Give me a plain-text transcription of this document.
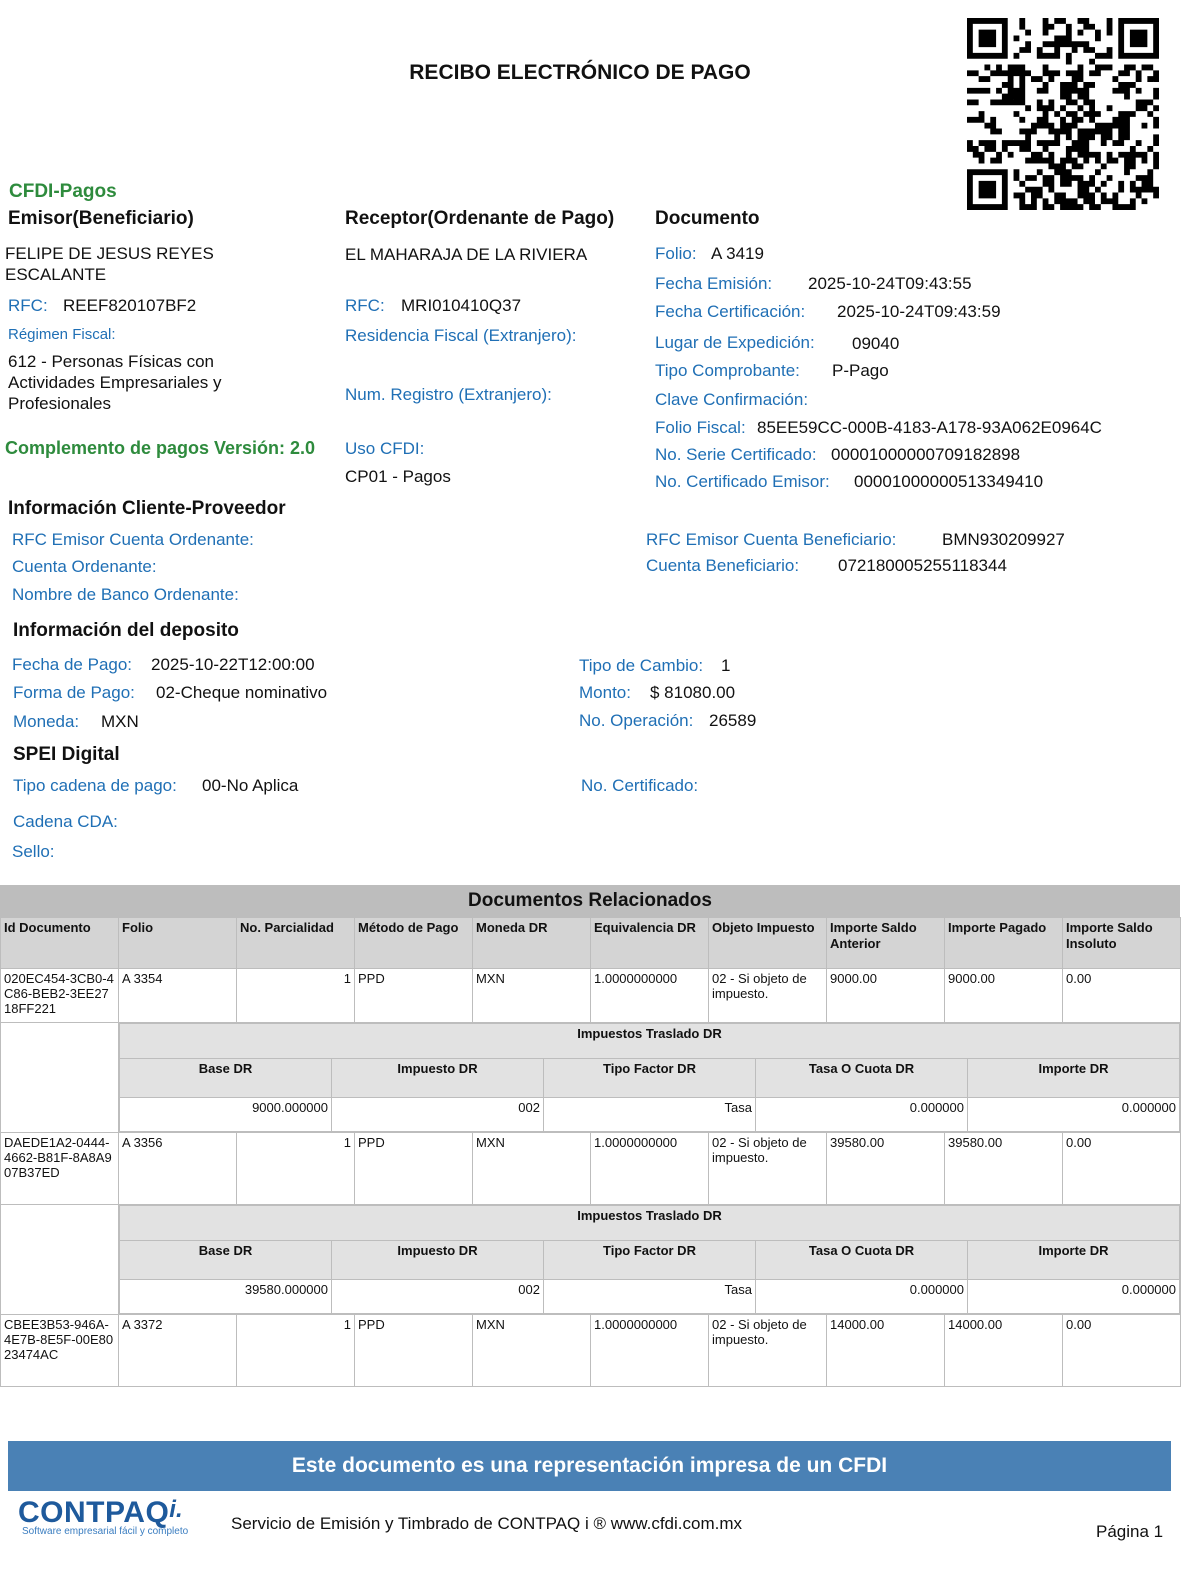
RECIBO ELECTRÓNICO DE PAGO
CFDI-Pagos
Emisor(Beneficiario)
FELIPE DE JESUS REYES
ESCALANTE
RFC: REEF820107BF2
Régimen Fiscal:
612 - Personas Físicas con
Actividades Empresariales y
Profesionales
Receptor(Ordenante de Pago)
EL MAHARAJA DE LA RIVIERA
RFC: MRI010410Q37
Residencia Fiscal (Extranjero):
Num. Registro (Extranjero):
Uso CFDI:
CP01 - Pagos
Complemento de pagos Versión: 2.0
Documento
Folio: A 3419
Fecha Emisión: 2025-10-24T09:43:55
Fecha Certificación: 2025-10-24T09:43:59
Lugar de Expedición: 09040
Tipo Comprobante: P-Pago
Clave Confirmación:
Folio Fiscal: 85EE59CC-000B-4183-A178-93A062E0964C
No. Serie Certificado: 00001000000709182898
No. Certificado Emisor: 00001000000513349410
Información Cliente-Proveedor
RFC Emisor Cuenta Ordenante:
Cuenta Ordenante:
Nombre de Banco Ordenante:
RFC Emisor Cuenta Beneficiario:	BMN930209927
Cuenta Beneficiario: 072180005255118344
Información del deposito
Fecha de Pago: 2025-10-22T12:00:00
Forma de Pago: 02-Cheque nominativo
Moneda: MXN
Tipo de Cambio: 1
Monto: $ 81080.00
No. Operación: 26589
SPEI Digital
Tipo cadena de pago: 00-No Aplica	No. Certificado:
Cadena CDA:
Sello:
Documentos Relacionados
Id Documento	Folio	No. Parcialidad	Método de Pago	Moneda DR	Equivalencia DR	Objeto Impuesto	Importe Saldo Anterior	Importe Pagado	Importe Saldo Insoluto
020EC454-3CB0-4C86-BEB2-3EE2718FF221	A 3354	1	PPD	MXN	1.0000000000	02 - Si objeto de impuesto.	9000.00	9000.00	0.00

Impuestos Traslado DR
Base DR	Impuesto DR	Tipo Factor DR	Tasa O Cuota DR	Importe DR
9000.000000	002	Tasa	0.000000	0.000000

DAEDE1A2-0444-4662-B81F-8A8A907B37ED	A 3356	1	PPD	MXN	1.0000000000	02 - Si objeto de impuesto.	39580.00	39580.00	0.00

Impuestos Traslado DR
Base DR	Impuesto DR	Tipo Factor DR	Tasa O Cuota DR	Importe DR
39580.000000	002	Tasa	0.000000	0.000000

CBEE3B53-946A-4E7B-8E5F-00E8023474AC	A 3372	1	PPD	MXN	1.0000000000	02 - Si objeto de impuesto.	14000.00	14000.00	0.00
Este documento es una representación impresa de un CFDI
CONTPAQi.
Software empresarial fácil y completo	Servicio de Emisión y Timbrado de CONTPAQ i ® www.cfdi.com.mx	Página 1
